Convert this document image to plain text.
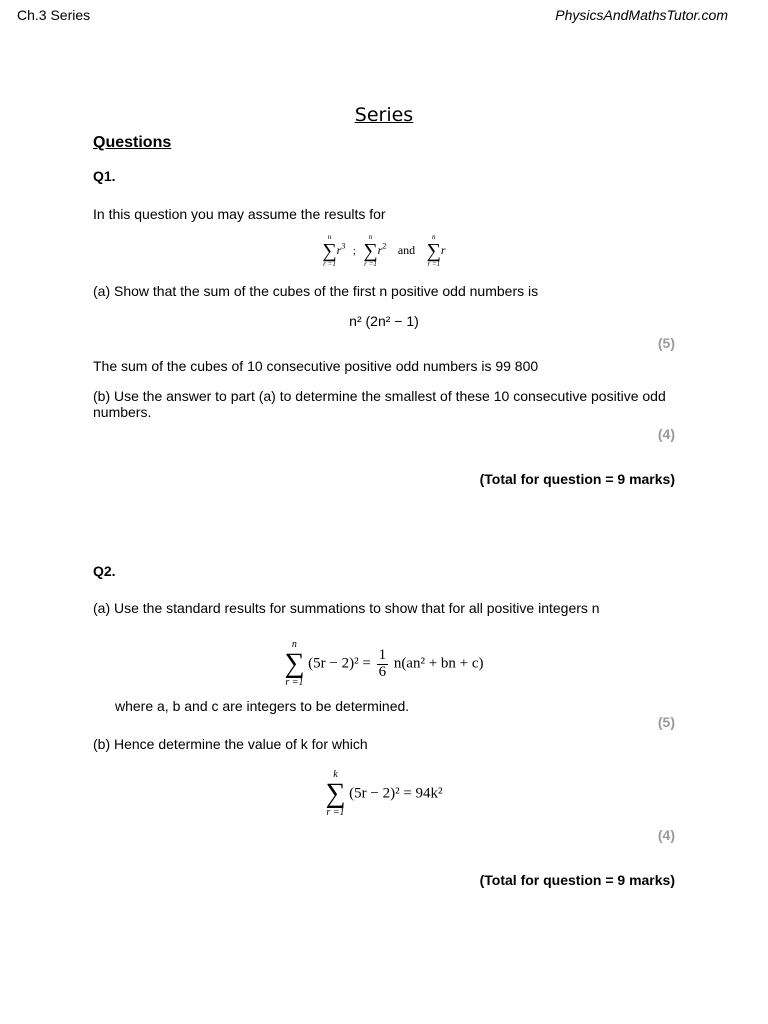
Ch.3 Series	PhysicsAndMathsTutor.com
Series
Questions
Q1.
In this question you may assume the results for
n
∑
r =1
$r^3$ ;
n
∑
r =1
$r^2$ and
n
∑
r =1
r
(a) Show that the sum of the cubes of the first n positive odd numbers is
n² (2n² − 1)
(5)
The sum of the cubes of 10 consecutive positive odd numbers is 99 800
(b) Use the answer to part (a) to determine the smallest of these 10 consecutive positive odd numbers.
(4)
(Total for question = 9 marks)
Q2.
(a) Use the standard results for summations to show that for all positive integers n
n
∑
r =1
$(5r - 2)^2 = \frac{1}{6} n(an^2$ + bn + c)
where a, b and c are integers to be determined.
(5)
(b) Hence determine the value of k for which
k
∑
r =1
(5r − 2)² = 94k²
(4)
(Total for question = 9 marks)
